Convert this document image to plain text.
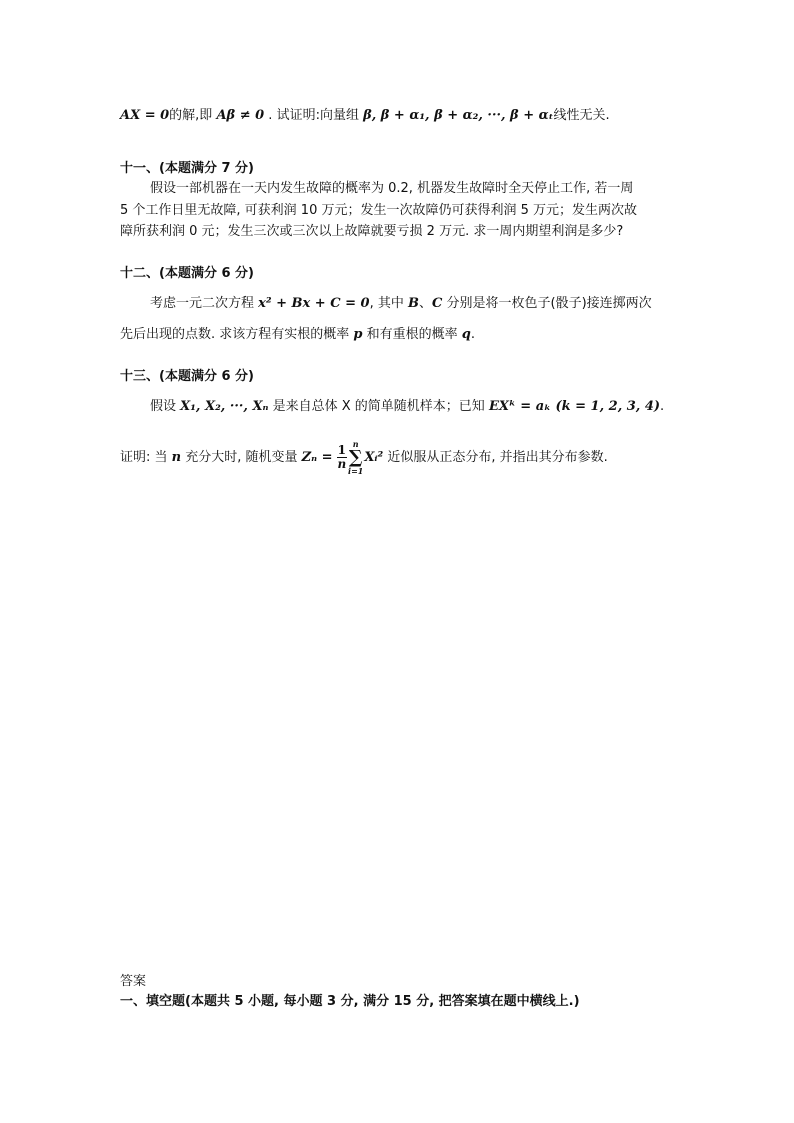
AX = 0的解,即 Aβ ≠ 0 . 试证明:向量组 β, β + α₁, β + α₂, ···, β + αₜ线性无关.
十一、(本题满分 7 分)
假设一部机器在一天内发生故障的概率为 0.2, 机器发生故障时全天停止工作, 若一周
5 个工作日里无故障, 可获利润 10 万元；发生一次故障仍可获得利润 5 万元；发生两次故
障所获利润 0 元；发生三次或三次以上故障就要亏损 2 万元. 求一周内期望利润是多少?
十二、(本题满分 6 分)
考虑一元二次方程 x² + Bx + C = 0, 其中 B、C 分别是将一枚色子(骰子)接连掷两次
先后出现的点数. 求该方程有实根的概率 p 和有重根的概率 q.
十三、(本题满分 6 分)
假设 X₁, X₂, ···, Xₙ 是来自总体 X 的简单随机样本；已知 EXᵏ = aₖ (k = 1, 2, 3, 4).
证明: 当 n 充分大时, 随机变量 $Z_n = \frac{1}{n}$
n
∑
i=1
Xᵢ² 近似服从正态分布, 并指出其分布参数.
答案
一、填空题(本题共 5 小题, 每小题 3 分, 满分 15 分, 把答案填在题中横线上.)
